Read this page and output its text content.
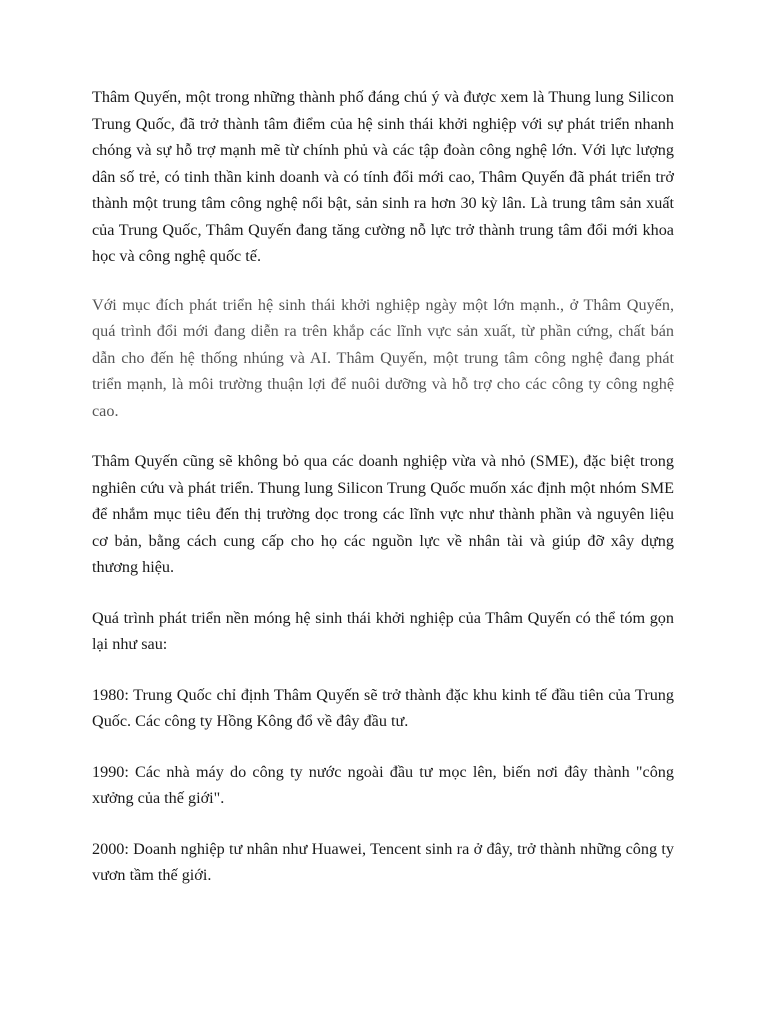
Thâm Quyến, một trong những thành phố đáng chú ý và được xem là Thung lung Silicon Trung Quốc, đã trở thành tâm điểm của hệ sinh thái khởi nghiệp với sự phát triển nhanh chóng và sự hỗ trợ mạnh mẽ từ chính phủ và các tập đoàn công nghệ lớn. Với lực lượng dân số trẻ, có tinh thần kinh doanh và có tính đổi mới cao, Thâm Quyến đã phát triển trở thành một trung tâm công nghệ nổi bật, sản sinh ra hơn 30 kỳ lân. Là trung tâm sản xuất của Trung Quốc, Thâm Quyến đang tăng cường nỗ lực trở thành trung tâm đổi mới khoa học và công nghệ quốc tế.

Với mục đích phát triển hệ sinh thái khởi nghiệp ngày một lớn mạnh., ở Thâm Quyến, quá trình đổi mới đang diễn ra trên khắp các lĩnh vực sản xuất, từ phần cứng, chất bán dẫn cho đến hệ thống nhúng và AI. Thâm Quyến, một trung tâm công nghệ đang phát triển mạnh, là môi trường thuận lợi để nuôi dưỡng và hỗ trợ cho các công ty công nghệ cao.

Thâm Quyến cũng sẽ không bỏ qua các doanh nghiệp vừa và nhỏ (SME), đặc biệt trong nghiên cứu và phát triển. Thung lung Silicon Trung Quốc muốn xác định một nhóm SME để nhắm mục tiêu đến thị trường dọc trong các lĩnh vực như thành phần và nguyên liệu cơ bản, bằng cách cung cấp cho họ các nguồn lực về nhân tài và giúp đỡ xây dựng thương hiệu.

Quá trình phát triển nền móng hệ sinh thái khởi nghiệp của Thâm Quyến có thể tóm gọn lại như sau:

1980: Trung Quốc chỉ định Thâm Quyến sẽ trở thành đặc khu kinh tế đầu tiên của Trung Quốc. Các công ty Hồng Kông đổ về đây đầu tư.

1990: Các nhà máy do công ty nước ngoài đầu tư mọc lên, biến nơi đây thành "công xưởng của thế giới".

2000: Doanh nghiệp tư nhân như Huawei, Tencent sinh ra ở đây, trở thành những công ty vươn tầm thế giới.
